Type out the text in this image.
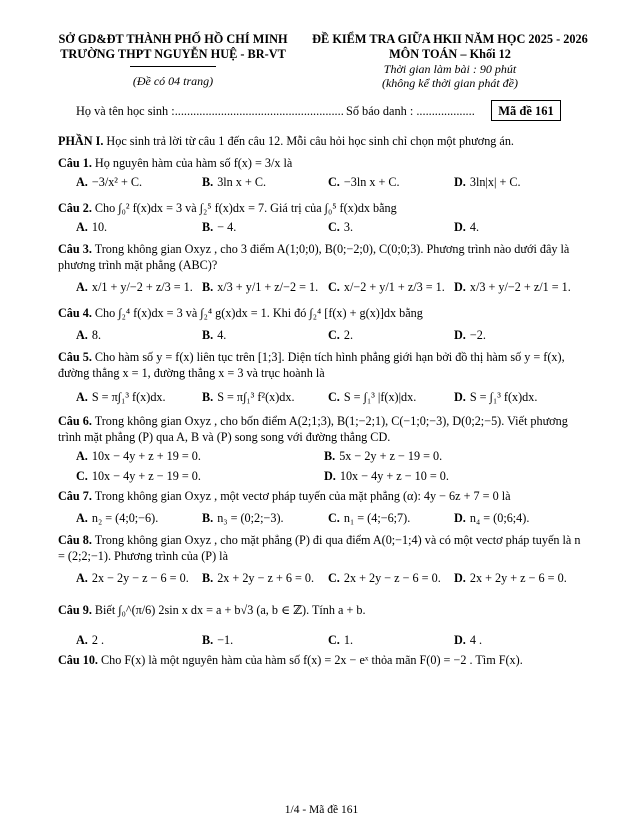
SỞ GD&ĐT THÀNH PHỐ HỒ CHÍ MINH
TRƯỜNG THPT NGUYỄN HUỆ - BR-VT
(Đề có 04 trang)
ĐỀ KIỂM TRA GIỮA HKII NĂM HỌC 2025 - 2026
MÔN TOÁN – Khối 12
Thời gian làm bài : 90 phút
(không kể thời gian phát đề)
Họ và tên học sinh :....................................................... Số báo danh : ...................	Mã đề 161
PHẦN I. Học sinh trả lời từ câu 1 đến câu 12. Mỗi câu hỏi học sinh chỉ chọn một phương án.
Câu 1. Họ nguyên hàm của hàm số f(x) = 3/x là
A. −3/x² + C.	B. 3ln x + C.	C. −3ln x + C.	D. 3ln|x| + C.
Câu 2. Cho ∫₀² f(x)dx = 3 và ∫₂⁵ f(x)dx = 7. Giá trị của ∫₀⁵ f(x)dx bằng
A. 10.	B. − 4.	C. 3.	D. 4.
Câu 3. Trong không gian Oxyz , cho 3 điểm A(1;0;0), B(0;−2;0), C(0;0;3). Phương trình nào dưới đây là phương trình mặt phẳng (ABC)?
A. x/1 + y/−2 + z/3 = 1. B. x/3 + y/1 + z/−2 = 1. C. x/−2 + y/1 + z/3 = 1. D. x/3 + y/−2 + z/1 = 1.
Câu 4. Cho ∫₂⁴ f(x)dx = 3 và ∫₂⁴ g(x)dx = 1. Khi đó ∫₂⁴ [f(x) + g(x)]dx bằng
A. 8.	B. 4.	C. 2.	D. −2.
Câu 5. Cho hàm số y = f(x) liên tục trên [1;3]. Diện tích hình phẳng giới hạn bởi đồ thị hàm số y = f(x), đường thẳng x = 1, đường thẳng x = 3 và trục hoành là
A. S = π∫₁³ f(x)dx.	B. S = π∫₁³ f²(x)dx.	C. S = ∫₁³ |f(x)|dx.	D. S = ∫₁³ f(x)dx.
Câu 6. Trong không gian Oxyz , cho bốn điểm A(2;1;3), B(1;−2;1), C(−1;0;−3), D(0;2;−5). Viết phương trình mặt phẳng (P) qua A, B và (P) song song với đường thẳng CD.
A. 10x − 4y + z + 19 = 0.	B. 5x − 2y + z − 19 = 0.
C. 10x − 4y + z − 19 = 0.	D. 10x − 4y + z − 10 = 0.
Câu 7. Trong không gian Oxyz , một vectơ pháp tuyến của mặt phẳng (α): 4y − 6z + 7 = 0 là
A. n₂ = (4;0;−6).	B. n₃ = (0;2;−3).	C. n₁ = (4;−6;7).	D. n₄ = (0;6;4).
Câu 8. Trong không gian Oxyz , cho mặt phẳng (P) đi qua điểm A(0;−1;4) và có một vectơ pháp tuyến là n = (2;2;−1). Phương trình của (P) là
A. 2x − 2y − z − 6 = 0.	B. 2x + 2y − z + 6 = 0.	C. 2x + 2y − z − 6 = 0.	D. 2x + 2y + z − 6 = 0.
Câu 9. Biết ∫₀^(π/6) 2sin x dx = a + b√3 (a, b ∈ ℤ). Tính a + b.
A. 2 .	B. −1.	C. 1.	D. 4 .
Câu 10. Cho F(x) là một nguyên hàm của hàm số f(x) = 2x − eˣ thỏa mãn F(0) = −2 . Tìm F(x).
1/4 - Mã đề 161
